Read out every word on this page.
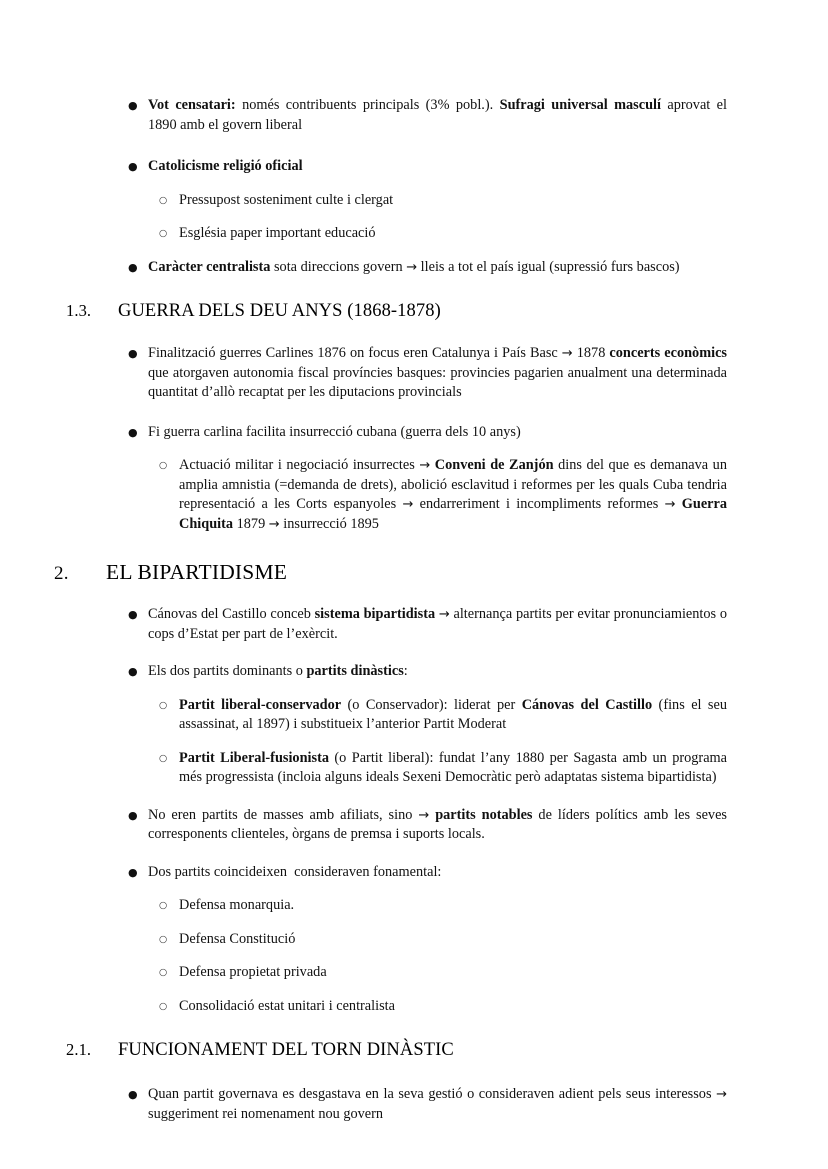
● Vot censatari: només contribuents principals (3% pobl.). Sufragi universal masculí aprovat el 1890 amb el govern liberal
● Catolicisme religió oficial
○ Pressupost sosteniment culte i clergat
○ Església paper important educació
● Caràcter centralista sota direccions govern → lleis a tot el país igual (supressió furs bascos)
1.3.	GUERRA DELS DEU ANYS (1868-1878)
● Finalització guerres Carlines 1876 on focus eren Catalunya i País Basc → 1878 concerts econòmics que atorgaven autonomia fiscal províncies basques: provincies pagarien anualment una determinada quantitat d’allò recaptat per les diputacions provincials
● Fi guerra carlina facilita insurrecció cubana (guerra dels 10 anys)
○ Actuació militar i negociació insurrectes → Conveni de Zanjón dins del que es demanava un amplia amnistia (=demanda de drets), abolició esclavitud i reformes per les quals Cuba tendria representació a les Corts espanyoles → endarreriment i incompliments reformes → Guerra Chiquita 1879 → insurrecció 1895
2.	EL BIPARTIDISME
● Cánovas del Castillo conceb sistema bipartidista → alternança partits per evitar pronunciamientos o cops d’Estat per part de l’exèrcit.
● Els dos partits dominants o partits dinàstics:
○ Partit liberal-conservador (o Conservador): liderat per Cánovas del Castillo (fins el seu assassinat, al 1897) i substitueix l’anterior Partit Moderat
○ Partit Liberal-fusionista (o Partit liberal): fundat l’any 1880 per Sagasta amb un programa més progressista (incloia alguns ideals Sexeni Democràtic però adaptatas sistema bipartidista)
● No eren partits de masses amb afiliats, sino → partits notables de líders polítics amb les seves corresponents clienteles, òrgans de premsa i suports locals.
● Dos partits coincideixen  consideraven fonamental:
○ Defensa monarquia.
○ Defensa Constitució
○ Defensa propietat privada
○ Consolidació estat unitari i centralista
2.1.	FUNCIONAMENT DEL TORN DINÀSTIC
● Quan partit governava es desgastava en la seva gestió o consideraven adient pels seus interessos → suggeriment rei nomenament nou govern
